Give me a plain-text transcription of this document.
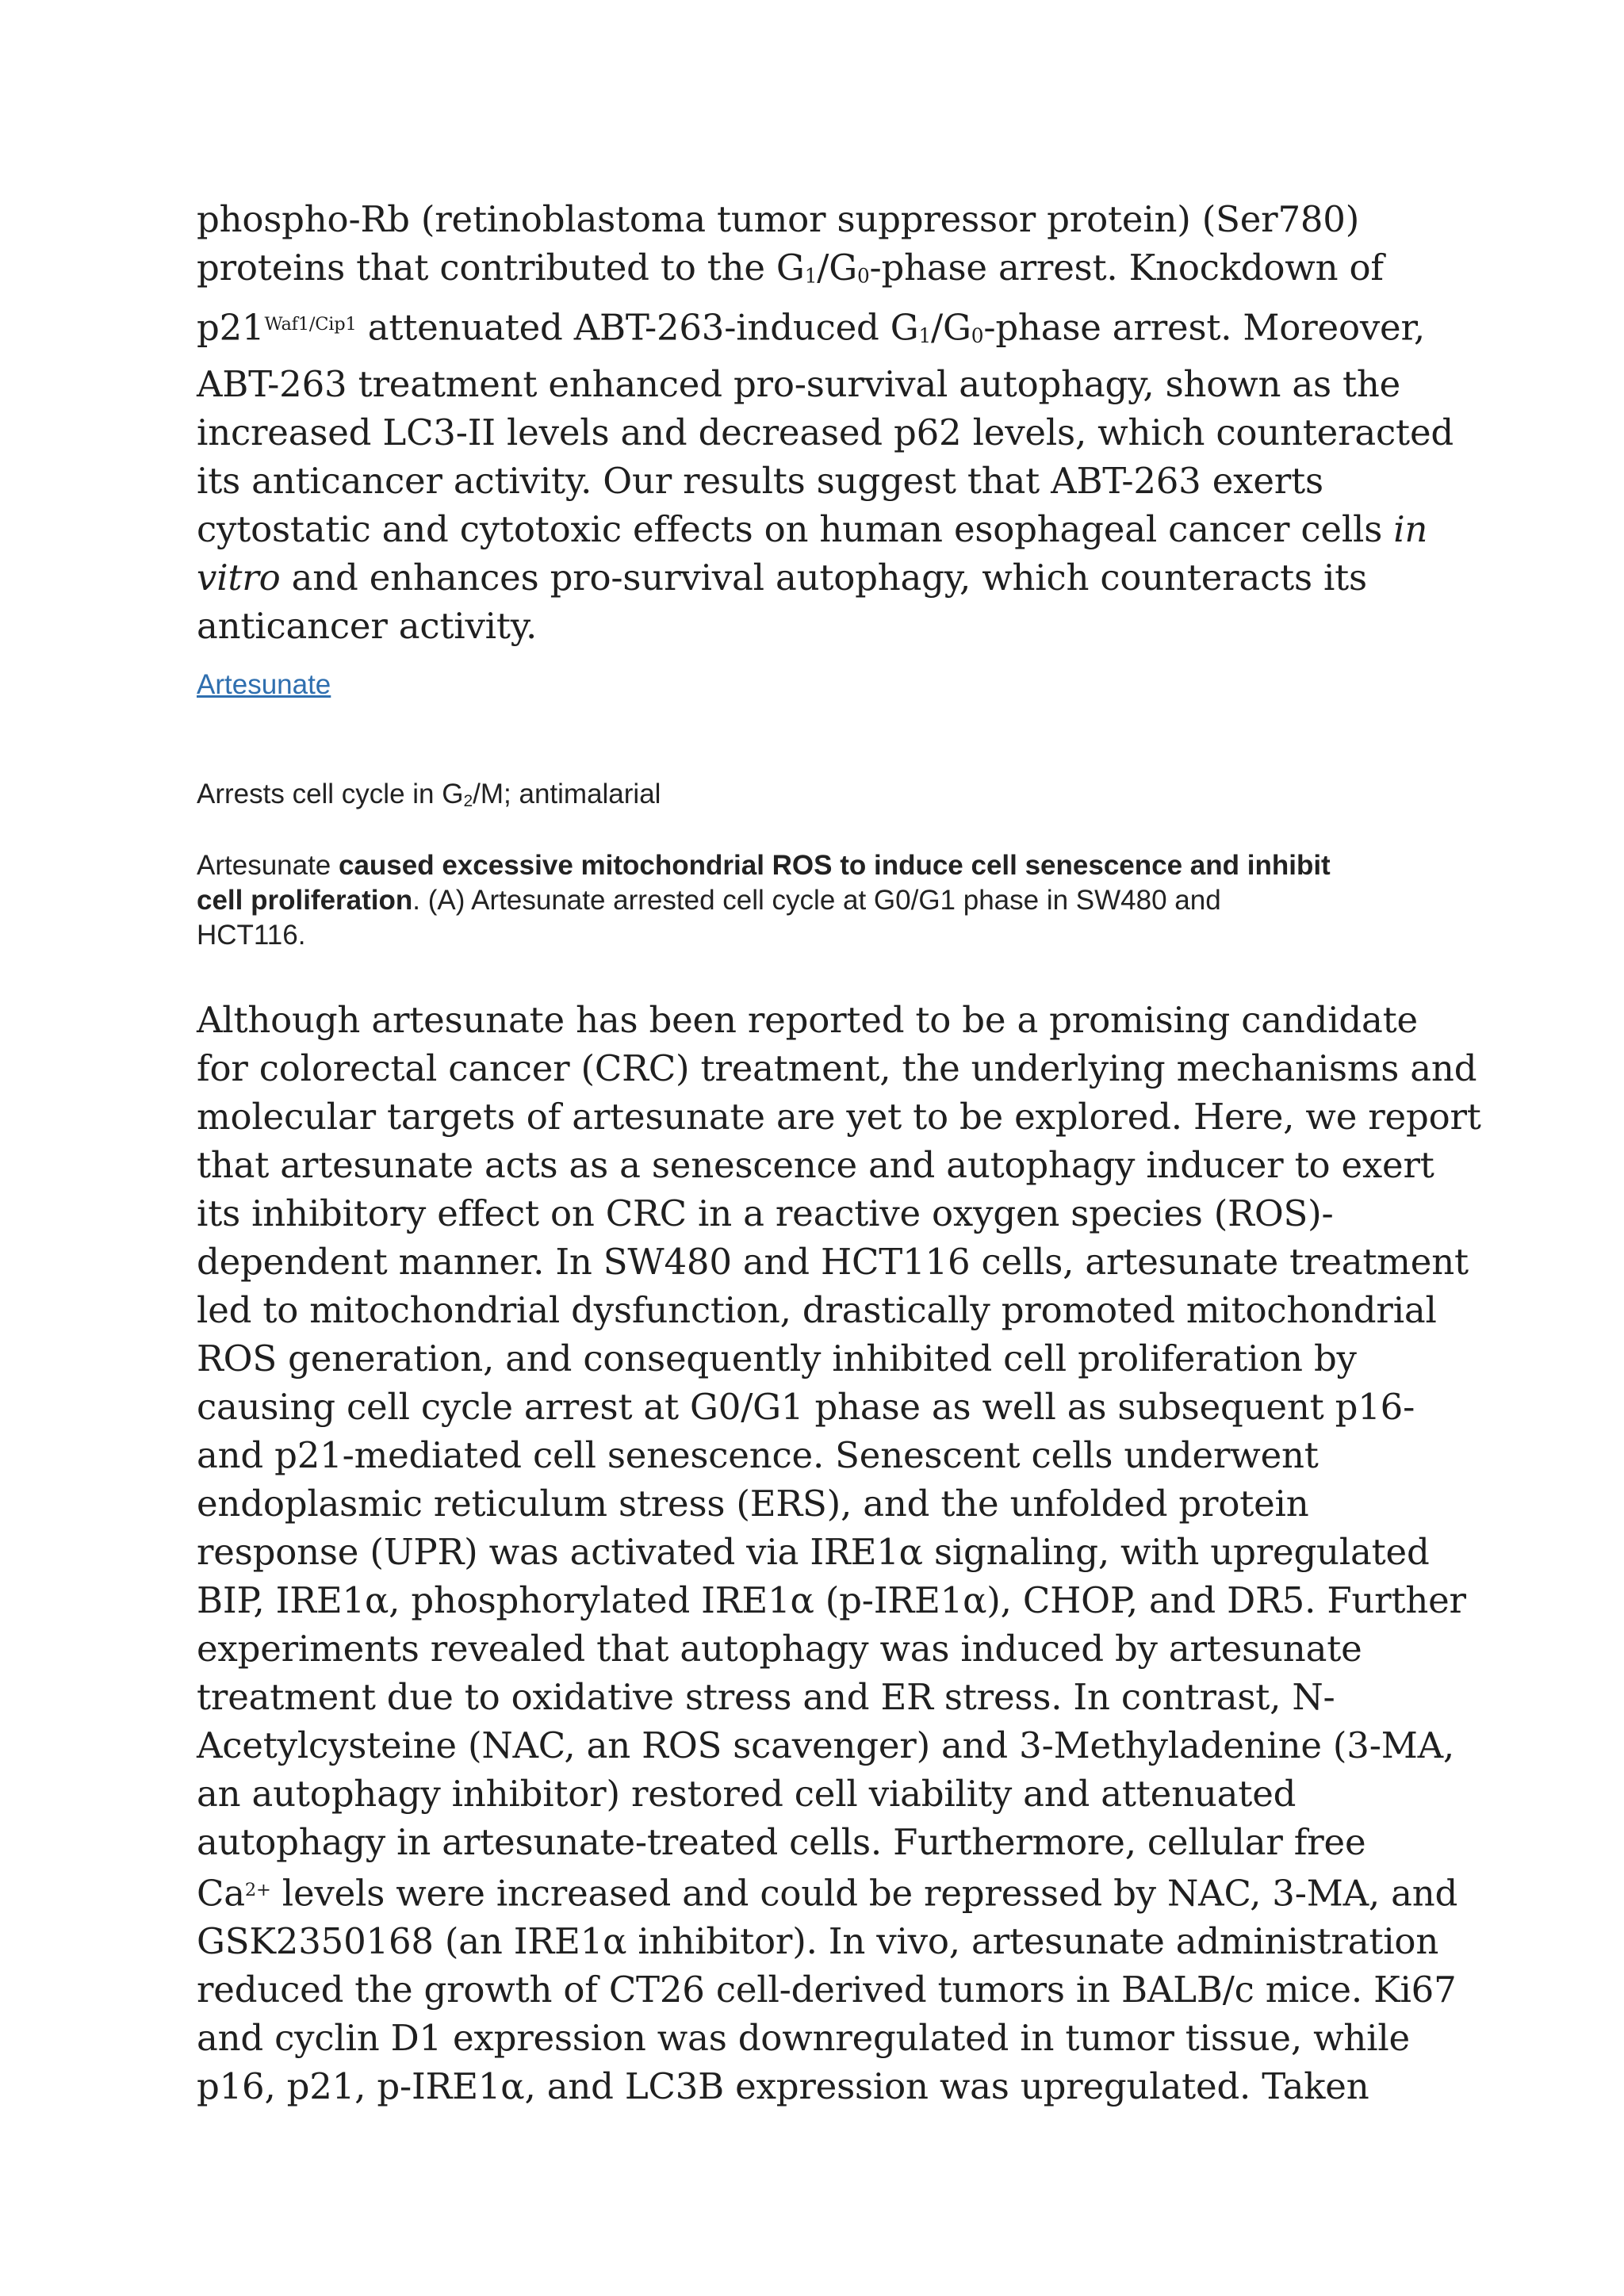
phospho-Rb (retinoblastoma tumor suppressor protein) (Ser780)
proteins that contributed to the G1/G0-phase arrest. Knockdown of
$p21^{Waf1/Cip1}$ attenuated ABT-263-induced G1/G0-phase arrest. Moreover,
ABT-263 treatment enhanced pro-survival autophagy, shown as the
increased LC3-II levels and decreased p62 levels, which counteracted
its anticancer activity. Our results suggest that ABT-263 exerts
cytostatic and cytotoxic effects on human esophageal cancer cells in
vitro and enhances pro-survival autophagy, which counteracts its
anticancer activity.
Artesunate
Arrests cell cycle in G2/M; antimalarial
Artesunate caused excessive mitochondrial ROS to induce cell senescence and inhibit
cell proliferation. (A) Artesunate arrested cell cycle at G0/G1 phase in SW480 and
HCT116.
Although artesunate has been reported to be a promising candidate
for colorectal cancer (CRC) treatment, the underlying mechanisms and
molecular targets of artesunate are yet to be explored. Here, we report
that artesunate acts as a senescence and autophagy inducer to exert
its inhibitory effect on CRC in a reactive oxygen species (ROS)-
dependent manner. In SW480 and HCT116 cells, artesunate treatment
led to mitochondrial dysfunction, drastically promoted mitochondrial
ROS generation, and consequently inhibited cell proliferation by
causing cell cycle arrest at G0/G1 phase as well as subsequent p16-
and p21-mediated cell senescence. Senescent cells underwent
endoplasmic reticulum stress (ERS), and the unfolded protein
response (UPR) was activated via IRE1α signaling, with upregulated
BIP, IRE1α, phosphorylated IRE1α (p-IRE1α), CHOP, and DR5. Further
experiments revealed that autophagy was induced by artesunate
treatment due to oxidative stress and ER stress. In contrast, N-
Acetylcysteine (NAC, an ROS scavenger) and 3-Methyladenine (3-MA,
an autophagy inhibitor) restored cell viability and attenuated
autophagy in artesunate-treated cells. Furthermore, cellular free
$Ca^{2+}$ levels were increased and could be repressed by NAC, 3-MA, and
GSK2350168 (an IRE1α inhibitor). In vivo, artesunate administration
reduced the growth of CT26 cell-derived tumors in BALB/c mice. Ki67
and cyclin D1 expression was downregulated in tumor tissue, while
p16, p21, p-IRE1α, and LC3B expression was upregulated. Taken
